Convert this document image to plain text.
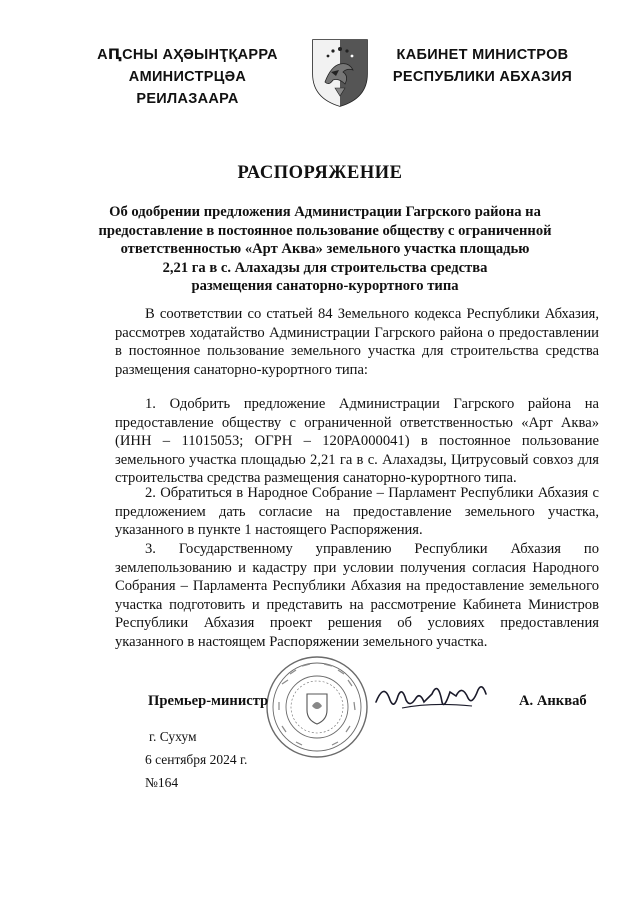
АԤСНЫ АҲӘЫНҬҚАРРА
АМИНИСТРЦӘА РЕИЛАЗААРА
КАБИНЕТ МИНИСТРОВ
РЕСПУБЛИКИ АБХАЗИЯ
РАСПОРЯЖЕНИЕ
Об одобрении предложения Администрации Гагрского района на
предоставление в постоянное пользование обществу с ограниченной
ответственностью «Арт Аква» земельного участка площадью
2,21 га в с. Алахадзы для строительства средства
размещения санаторно-курортного типа

В соответствии со статьей 84 Земельного кодекса Республики Абхазия, рассмотрев ходатайство Администрации Гагрского района о предоставлении в постоянное пользование земельного участка для строительства средства размещения санаторно-курортного типа:

1. Одобрить предложение Администрации Гагрского района на предоставление обществу с ограниченной ответственностью «Арт Аква» (ИНН – 11015053; ОГРН – 120РА000041) в постоянное пользование земельного участка площадью 2,21 га в с. Алахадзы, Цитрусовый совхоз для строительства средства размещения санаторно-курортного типа.

2. Обратиться в Народное Собрание – Парламент Республики Абхазия с предложением дать согласие на предоставление земельного участка, указанного в пункте 1 настоящего Распоряжения.

3. Государственному управлению Республики Абхазия по землепользованию и кадастру при условии получения согласия Народного Собрания – Парламента Республики Абхазия на предоставление земельного участка подготовить и представить на рассмотрение Кабинета Министров Республики Абхазия проект решения об условиях предоставления указанного в настоящем Распоряжении земельного участка.

Премьер-министр	А. Анкваб
г. Сухум
6 сентября 2024 г.
№164
